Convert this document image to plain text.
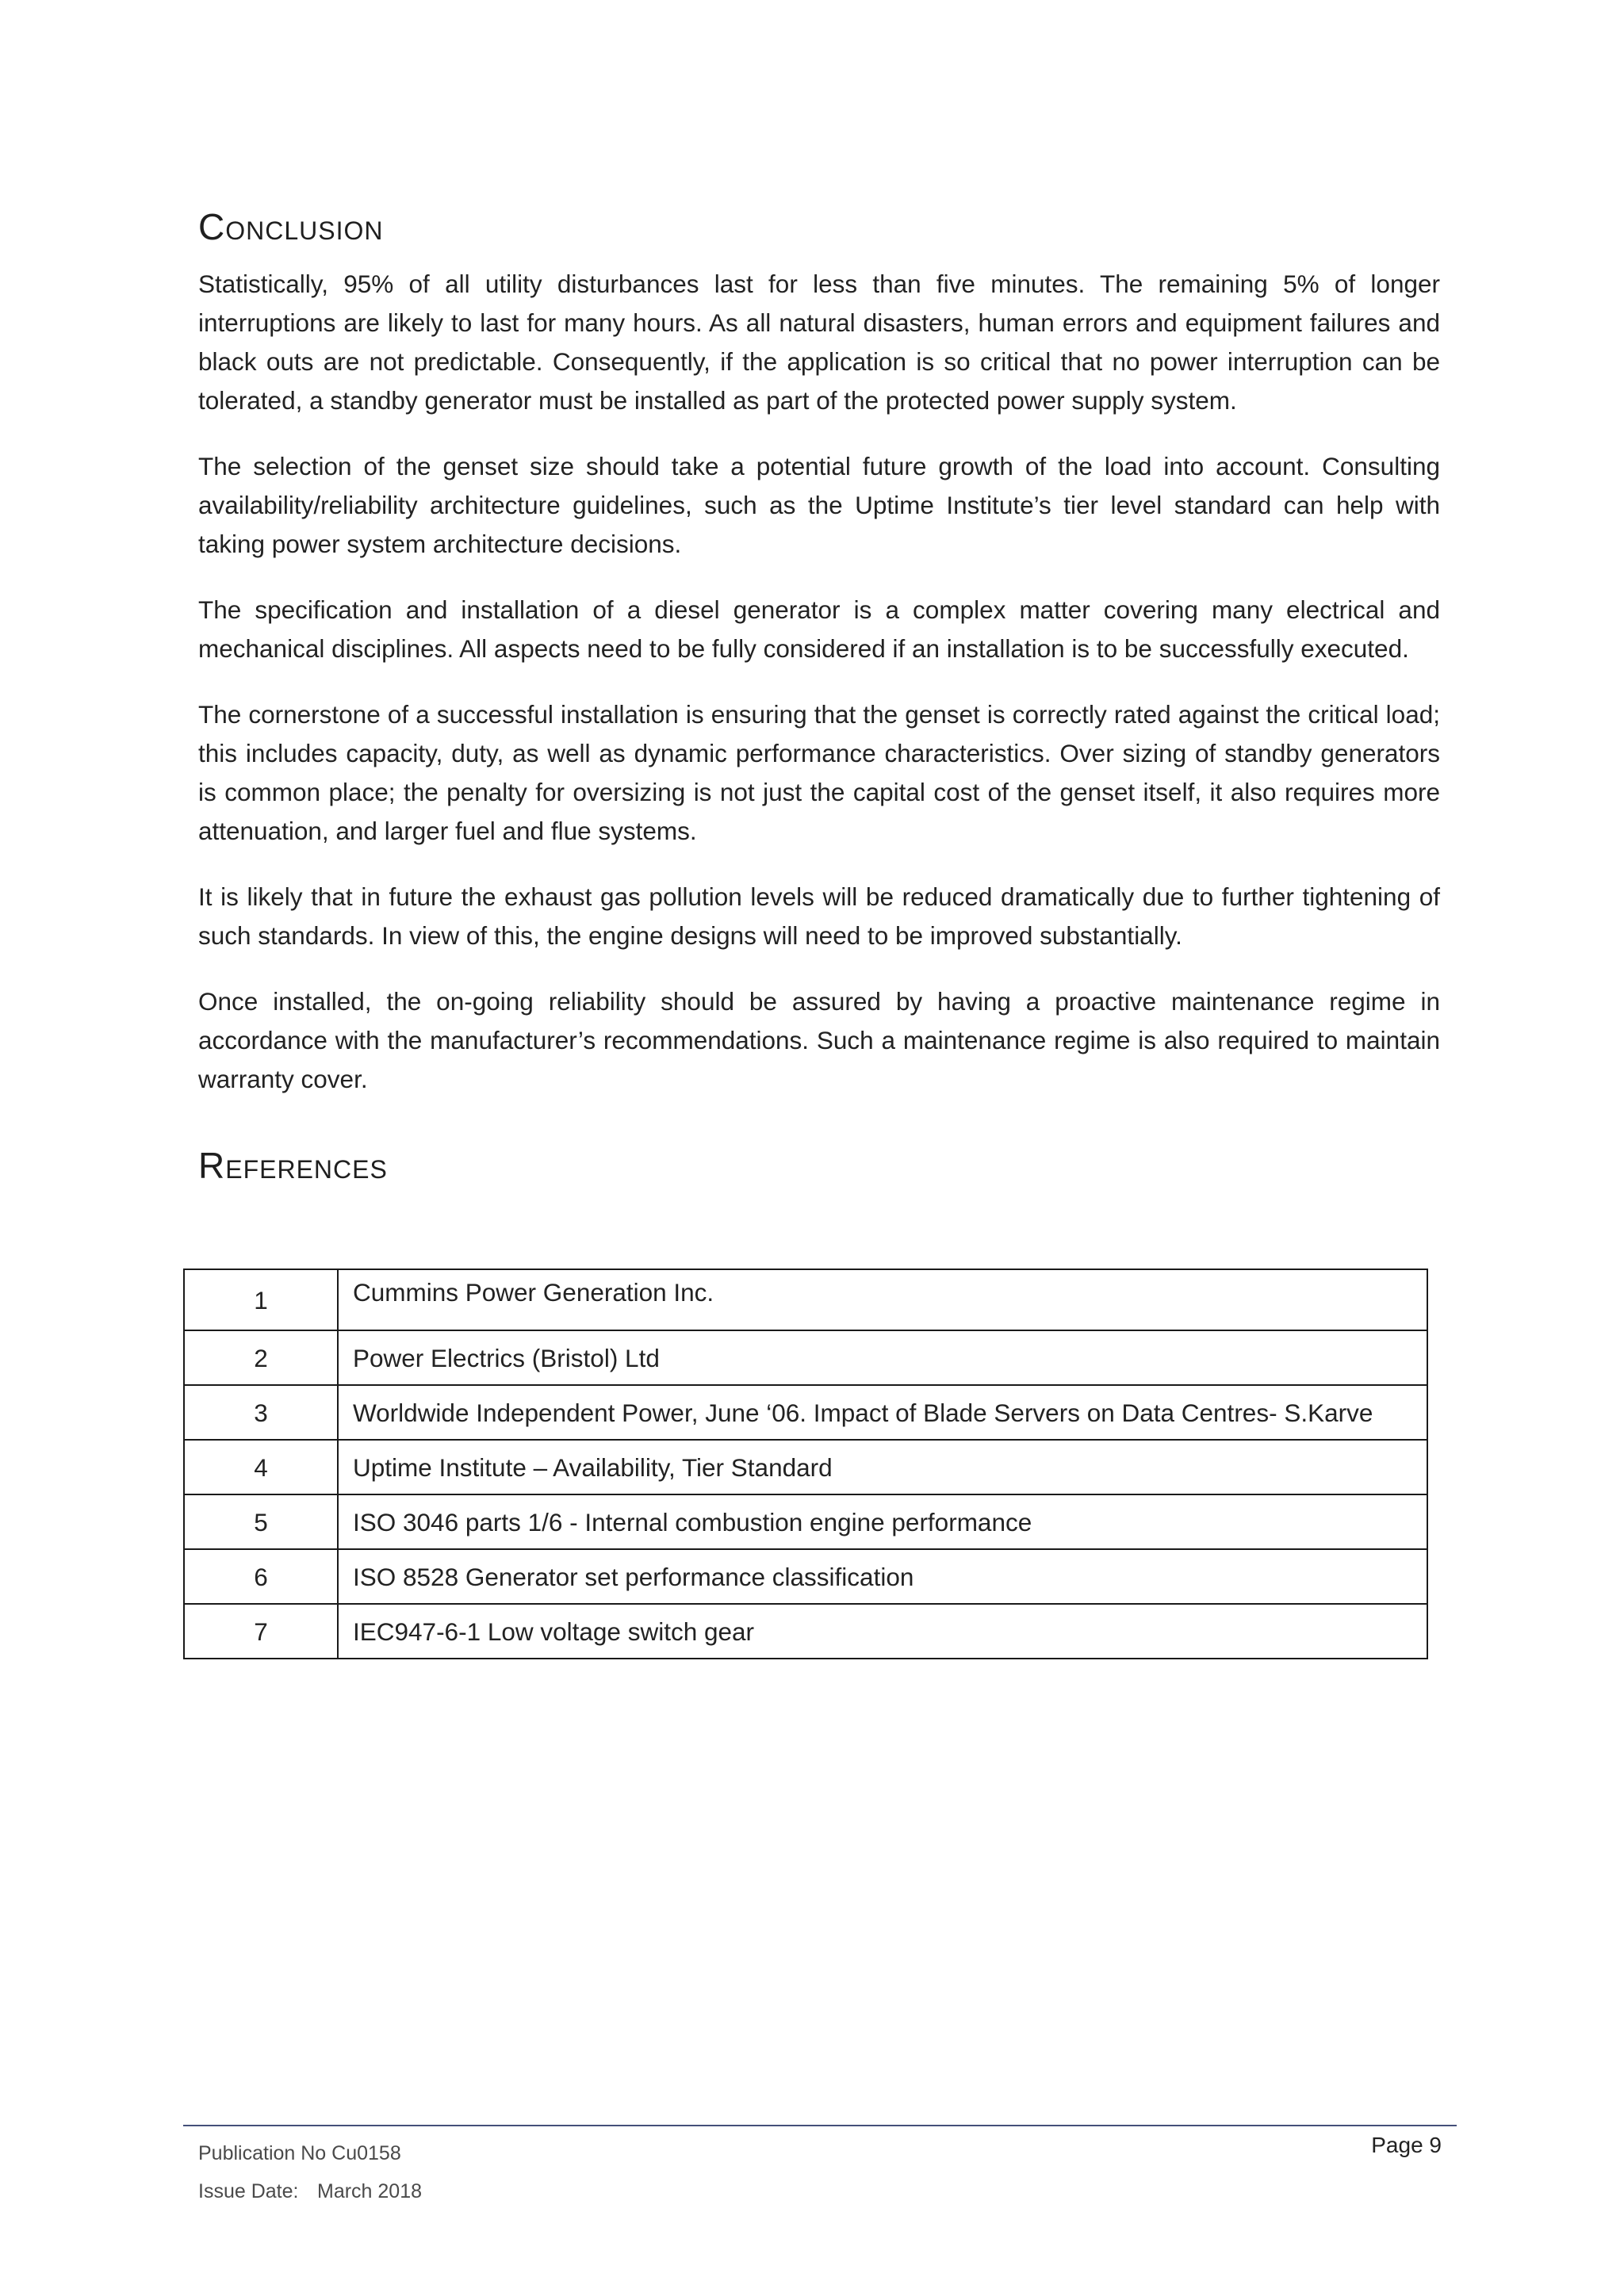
Conclusion

Statistically, 95% of all utility disturbances last for less than five minutes. The remaining 5% of longer interruptions are likely to last for many hours. As all natural disasters, human errors and equipment failures and black outs are not predictable. Consequently, if the application is so critical that no power interruption can be tolerated, a standby generator must be installed as part of the protected power supply system.

The selection of the genset size should take a potential future growth of the load into account. Consulting availability/reliability architecture guidelines, such as the Uptime Institute’s tier level standard can help with taking power system architecture decisions.

The specification and installation of a diesel generator is a complex matter covering many electrical and mechanical disciplines. All aspects need to be fully considered if an installation is to be successfully executed.

The cornerstone of a successful installation is ensuring that the genset is correctly rated against the critical load; this includes capacity, duty, as well as dynamic performance characteristics. Over sizing of standby generators is common place; the penalty for oversizing is not just the capital cost of the genset itself, it also requires more attenuation, and larger fuel and flue systems.

It is likely that in future the exhaust gas pollution levels will be reduced dramatically due to further tightening of such standards. In view of this, the engine designs will need to be improved substantially.

Once installed, the on-going reliability should be assured by having a proactive maintenance regime in accordance with the manufacturer’s recommendations. Such a maintenance regime is also required to maintain warranty cover.

References
1	Cummins Power Generation Inc.
2	Power Electrics (Bristol) Ltd
3	Worldwide Independent Power, June ‘06. Impact of Blade Servers on Data Centres- S.Karve
4	Uptime Institute – Availability, Tier Standard
5	ISO 3046 parts 1/6 - Internal combustion engine performance
6	ISO 8528 Generator set performance classification
7	IEC947-6-1 Low voltage switch gear
Publication No Cu0158
Issue Date: March 2018
Page 9
